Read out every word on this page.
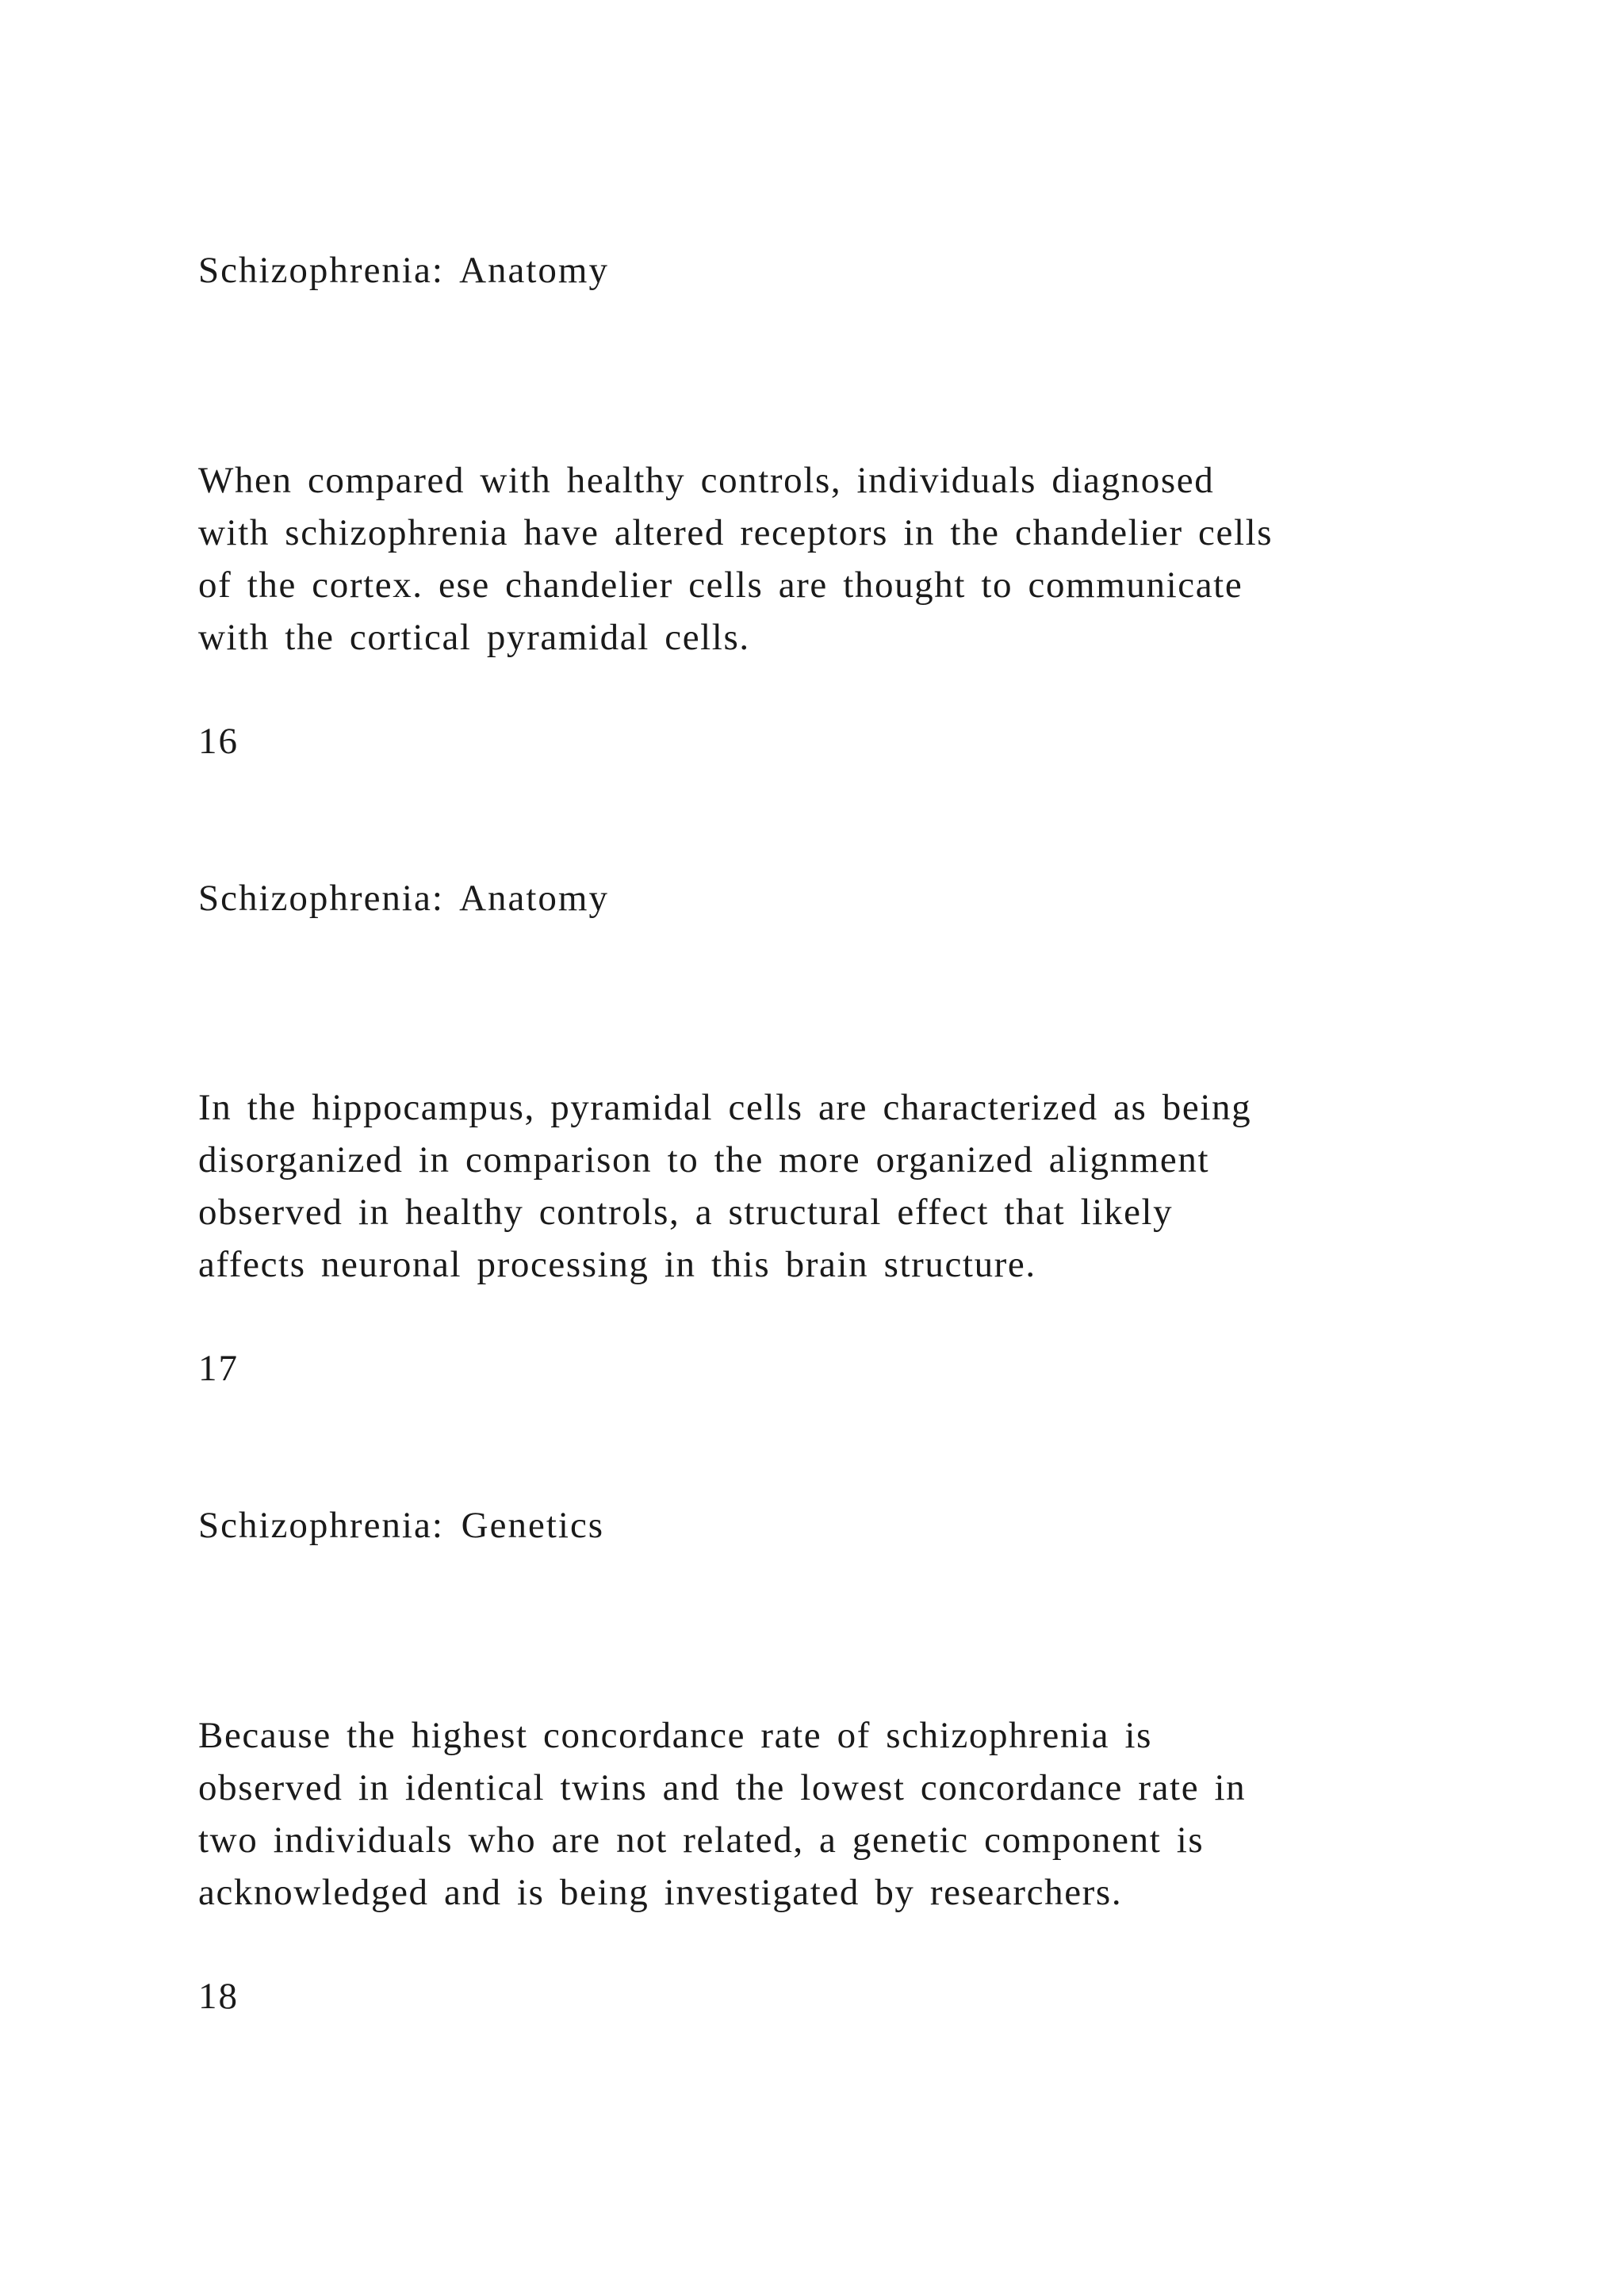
Schizophrenia: Anatomy

When compared with healthy controls, individuals diagnosed

with schizophrenia have altered receptors in the chandelier cells

of the cortex. ese chandelier cells are thought to communicate

with the cortical pyramidal cells.

16

Schizophrenia: Anatomy

In the hippocampus, pyramidal cells are characterized as being

disorganized in comparison to the more organized alignment

observed in healthy controls, a structural effect that likely

affects neuronal processing in this brain structure.

17

Schizophrenia: Genetics

Because the highest concordance rate of schizophrenia is

observed in identical twins and the lowest concordance rate in

two individuals who are not related, a genetic component is

acknowledged and is being investigated by researchers.

18
